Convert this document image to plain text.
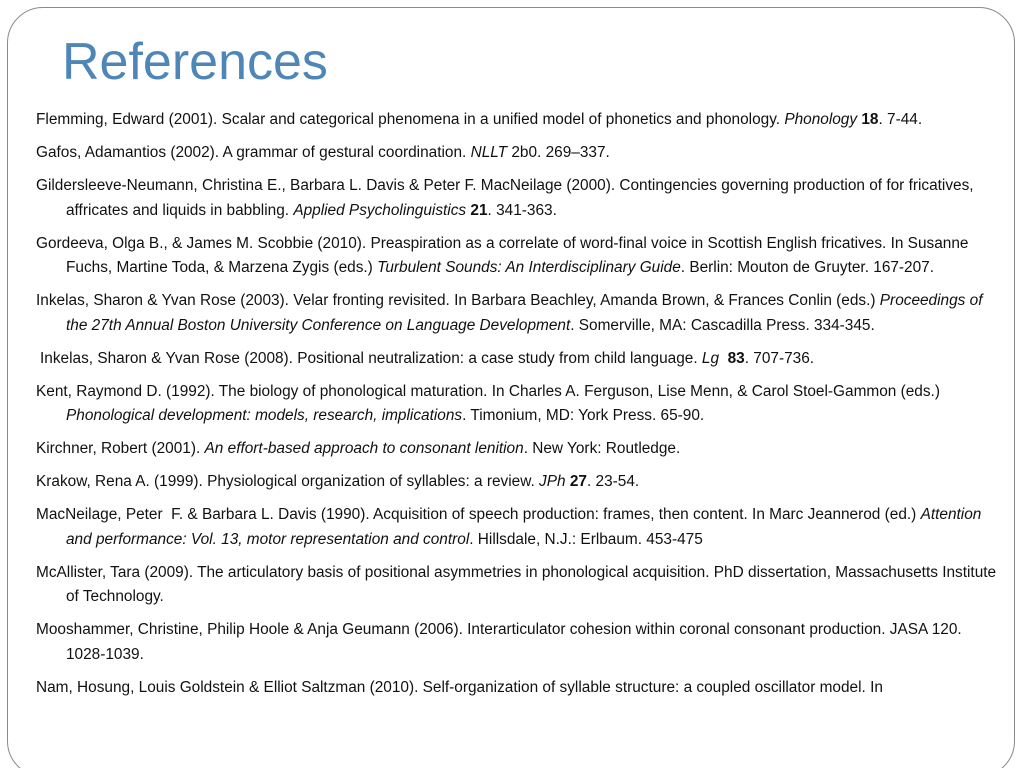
References
Flemming, Edward (2001). Scalar and categorical phenomena in a unified model of phonetics and phonology. Phonology 18. 7-44.
Gafos, Adamantios (2002). A grammar of gestural coordination. NLLT 2b0. 269–337.
Gildersleeve-Neumann, Christina E., Barbara L. Davis & Peter F. MacNeilage (2000). Contingencies governing production of for fricatives, affricates and liquids in babbling. Applied Psycholinguistics 21. 341-363.
Gordeeva, Olga B., & James M. Scobbie (2010). Preaspiration as a correlate of word-final voice in Scottish English fricatives. In Susanne Fuchs, Martine Toda, & Marzena Zygis (eds.) Turbulent Sounds: An Interdisciplinary Guide. Berlin: Mouton de Gruyter. 167-207.
Inkelas, Sharon & Yvan Rose (2003). Velar fronting revisited. In Barbara Beachley, Amanda Brown, & Frances Conlin (eds.) Proceedings of the 27th Annual Boston University Conference on Language Development. Somerville, MA: Cascadilla Press. 334-345.
Inkelas, Sharon & Yvan Rose (2008). Positional neutralization: a case study from child language. Lg 83. 707-736.
Kent, Raymond D. (1992). The biology of phonological maturation. In Charles A. Ferguson, Lise Menn, & Carol Stoel-Gammon (eds.) Phonological development: models, research, implications. Timonium, MD: York Press. 65-90.
Kirchner, Robert (2001). An effort-based approach to consonant lenition. New York: Routledge.
Krakow, Rena A. (1999). Physiological organization of syllables: a review. JPh 27. 23-54.
MacNeilage, Peter  F. & Barbara L. Davis (1990). Acquisition of speech production: frames, then content. In Marc Jeannerod (ed.) Attention and performance: Vol. 13, motor representation and control. Hillsdale, N.J.: Erlbaum. 453-475
McAllister, Tara (2009). The articulatory basis of positional asymmetries in phonological acquisition. PhD dissertation, Massachusetts Institute of Technology.
Mooshammer, Christine, Philip Hoole & Anja Geumann (2006). Interarticulator cohesion within coronal consonant production. JASA 120. 1028-1039.
Nam, Hosung, Louis Goldstein & Elliot Saltzman (2010). Self-organization of syllable structure: a coupled oscillator model. In
